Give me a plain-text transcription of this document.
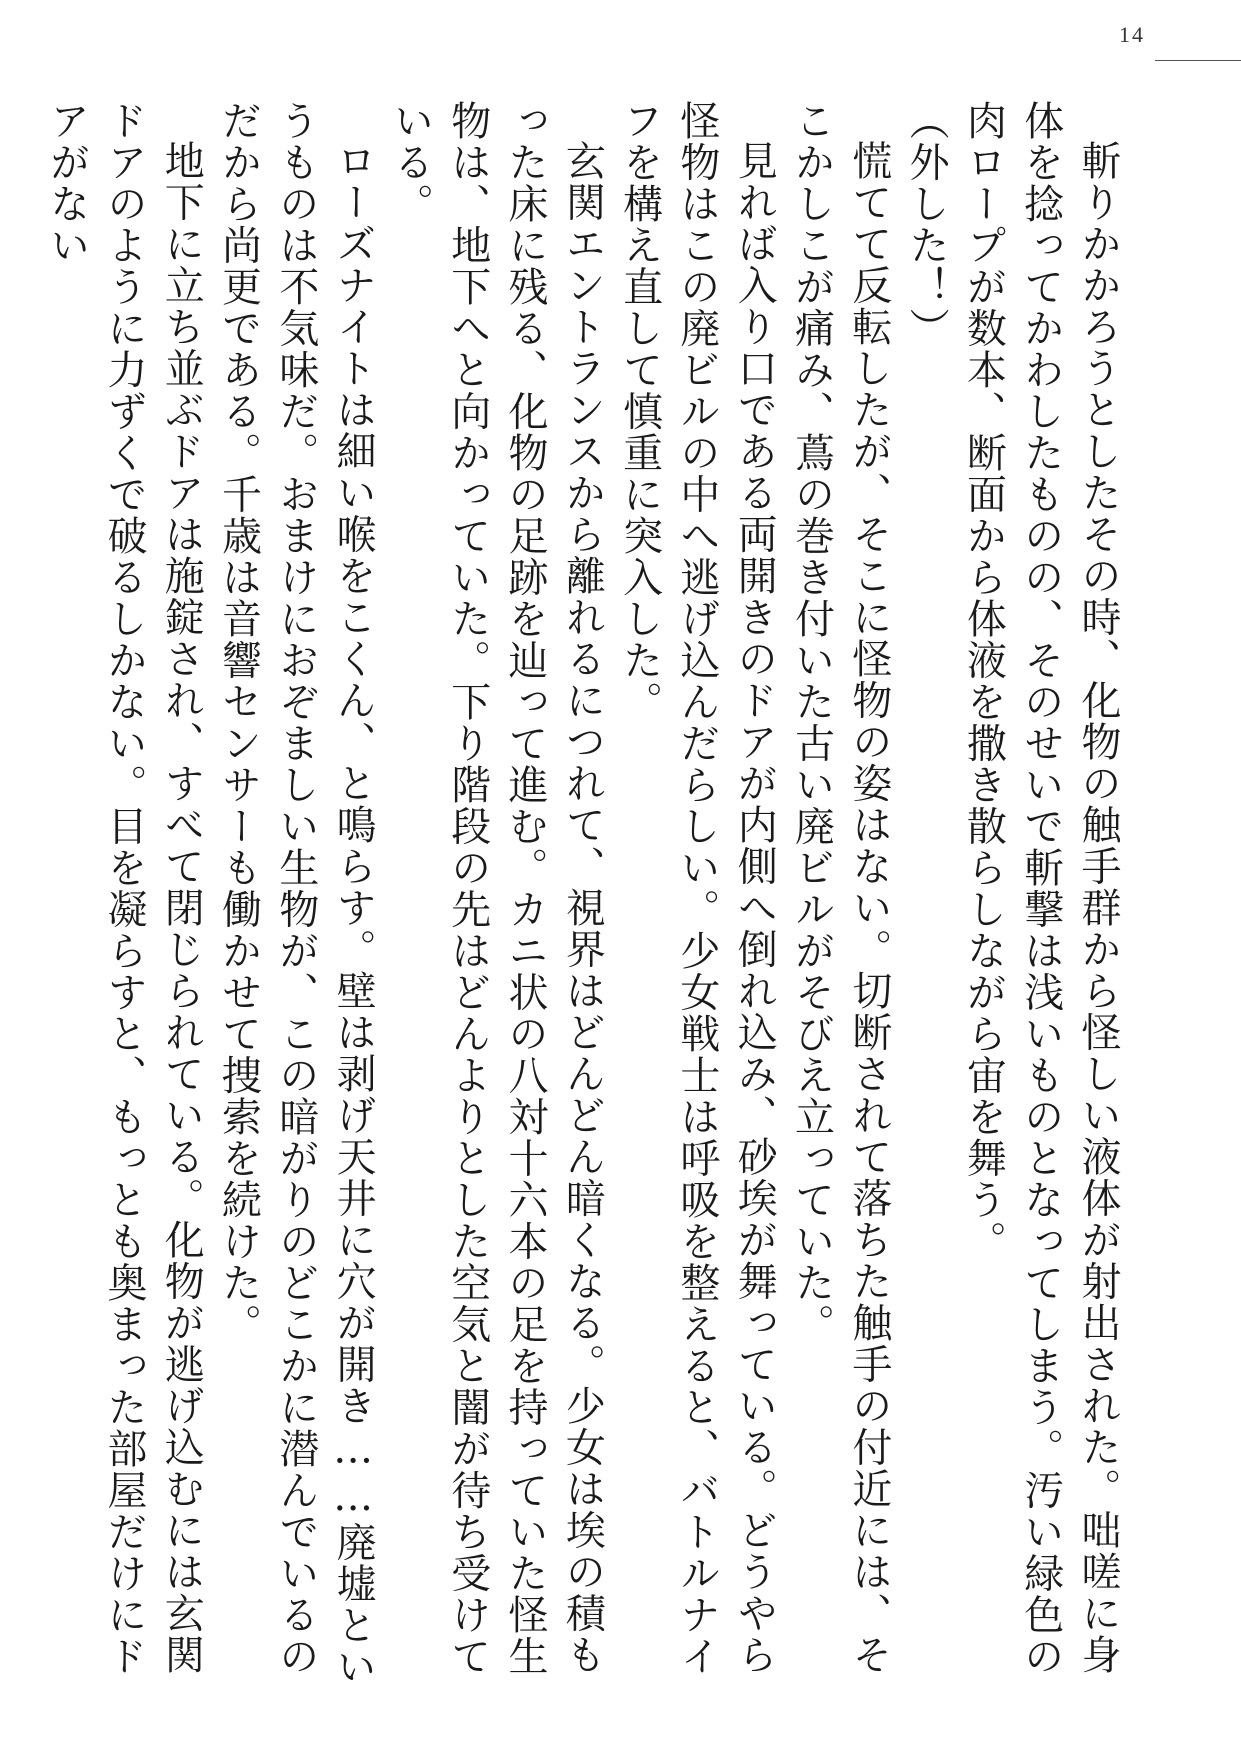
14

斬りかかろうとしたその時、化物の触手群から怪しい液体が射出された。咄嗟に身体を捻ってかわしたものの、そのせいで斬撃は浅いものとなってしまう。汚い緑色の肉ロープが数本、断面から体液を撒き散らしながら宙を舞う。

（外した！）

慌てて反転したが、そこに怪物の姿はない。切断されて落ちた触手の付近には、そこかしこが痛み、蔦の巻き付いた古い廃ビルがそびえ立っていた。

見れば入り口である両開きのドアが内側へ倒れ込み、砂埃が舞っている。どうやら怪物はこの廃ビルの中へ逃げ込んだらしい。少女戦士は呼吸を整えると、バトルナイフを構え直して慎重に突入した。

玄関エントランスから離れるにつれて、視界はどんどん暗くなる。少女は埃の積もった床に残る、化物の足跡を辿って進む。カニ状の八対十六本の足を持っていた怪生物は、地下へと向かっていた。下り階段の先はどんよりとした空気と闇が待ち受けている。

ローズナイトは細い喉をこくん、と鳴らす。壁は剥げ天井に穴が開き……廃墟というものは不気味だ。おまけにおぞましい生物が、この暗がりのどこかに潜んでいるのだから尚更である。千歳は音響センサーも働かせて捜索を続けた。

地下に立ち並ぶドアは施錠され、すべて閉じられている。化物が逃げ込むには玄関ドアのように力ずくで破るしかない。目を凝らすと、もっとも奥まった部屋だけにドアがない
